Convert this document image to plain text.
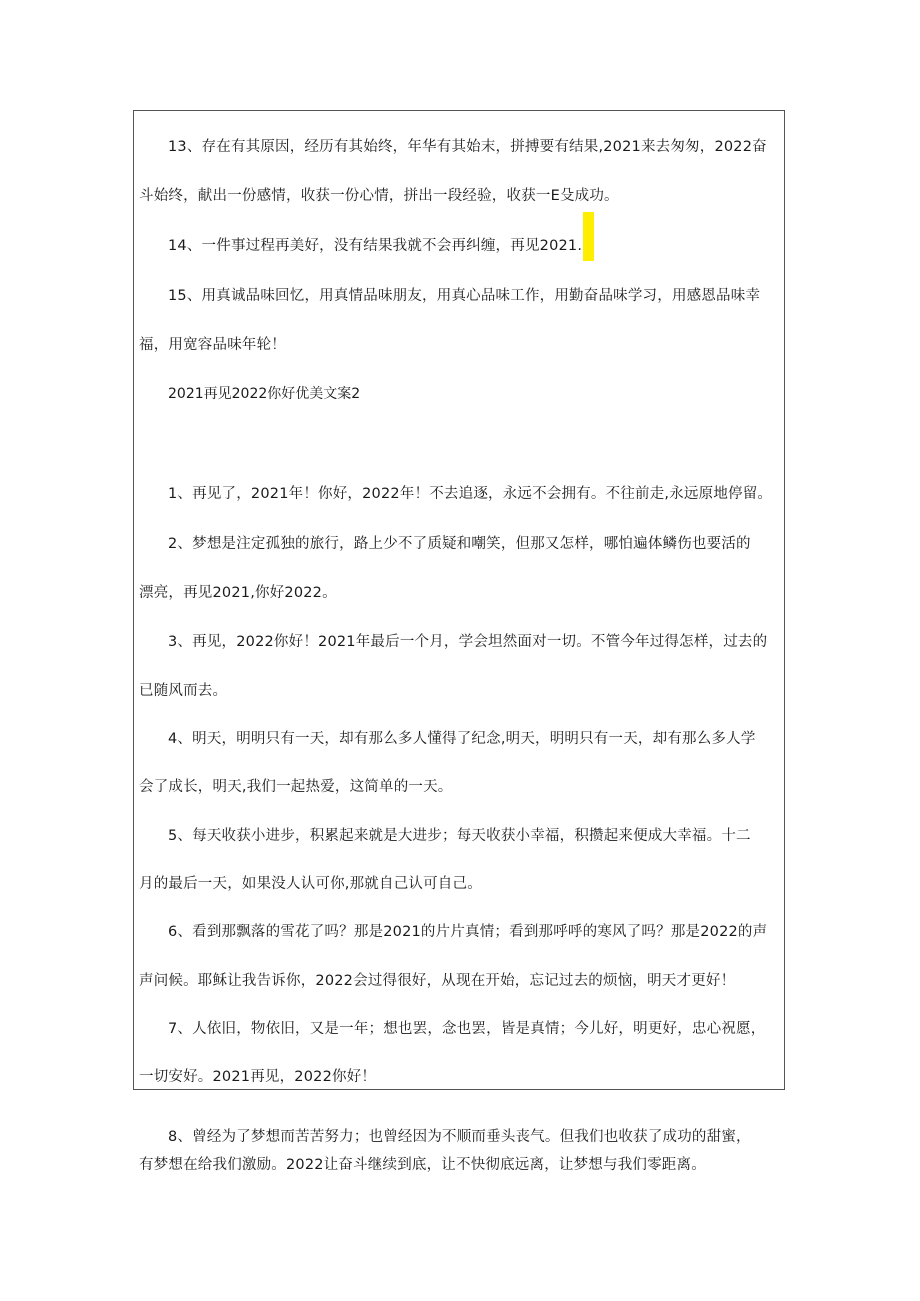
13、存在有其原因，经历有其始终，年华有其始末，拼搏要有结果,2021来去匆匆，2022奋
斗始终，献出一份感情，收获一份心情，拼出一段经验，收获一E殳成功。
14、一件事过程再美好，没有结果我就不会再纠缠，再见2021.
15、用真诚品味回忆，用真情品味朋友，用真心品味工作，用勤奋品味学习，用感恩品味幸
福，用宽容品味年轮！
2021再见2022你好优美文案2
1、再见了，2021年！你好，2022年！不去追逐，永远不会拥有。不往前走,永远原地停留。
2、梦想是注定孤独的旅行，路上少不了质疑和嘲笑，但那又怎样，哪怕遍体鳞伤也要活的
漂亮，再见2021,你好2022。
3、再见，2022你好！2021年最后一个月，学会坦然面对一切。不管今年过得怎样，过去的
已随风而去。
4、明天，明明只有一天，却有那么多人懂得了纪念,明天，明明只有一天，却有那么多人学
会了成长，明天,我们一起热爱，这简单的一天。
5、每天收获小进步，积累起来就是大进步；每天收获小幸福，积攒起来便成大幸福。十二
月的最后一天，如果没人认可你,那就自己认可自己。
6、看到那飘落的雪花了吗？那是2021的片片真情；看到那呼呼的寒风了吗？那是2022的声
声问候。耶稣让我告诉你，2022会过得很好，从现在开始，忘记过去的烦恼，明天才更好！
7、人依旧，物依旧，又是一年；想也罢，念也罢，皆是真情；今儿好，明更好，忠心祝愿，
一切安好。2021再见，2022你好！
8、曾经为了梦想而苦苦努力；也曾经因为不顺而垂头丧气。但我们也收获了成功的甜蜜，
有梦想在给我们激励。2022让奋斗继续到底，让不快彻底远离，让梦想与我们零距离。
